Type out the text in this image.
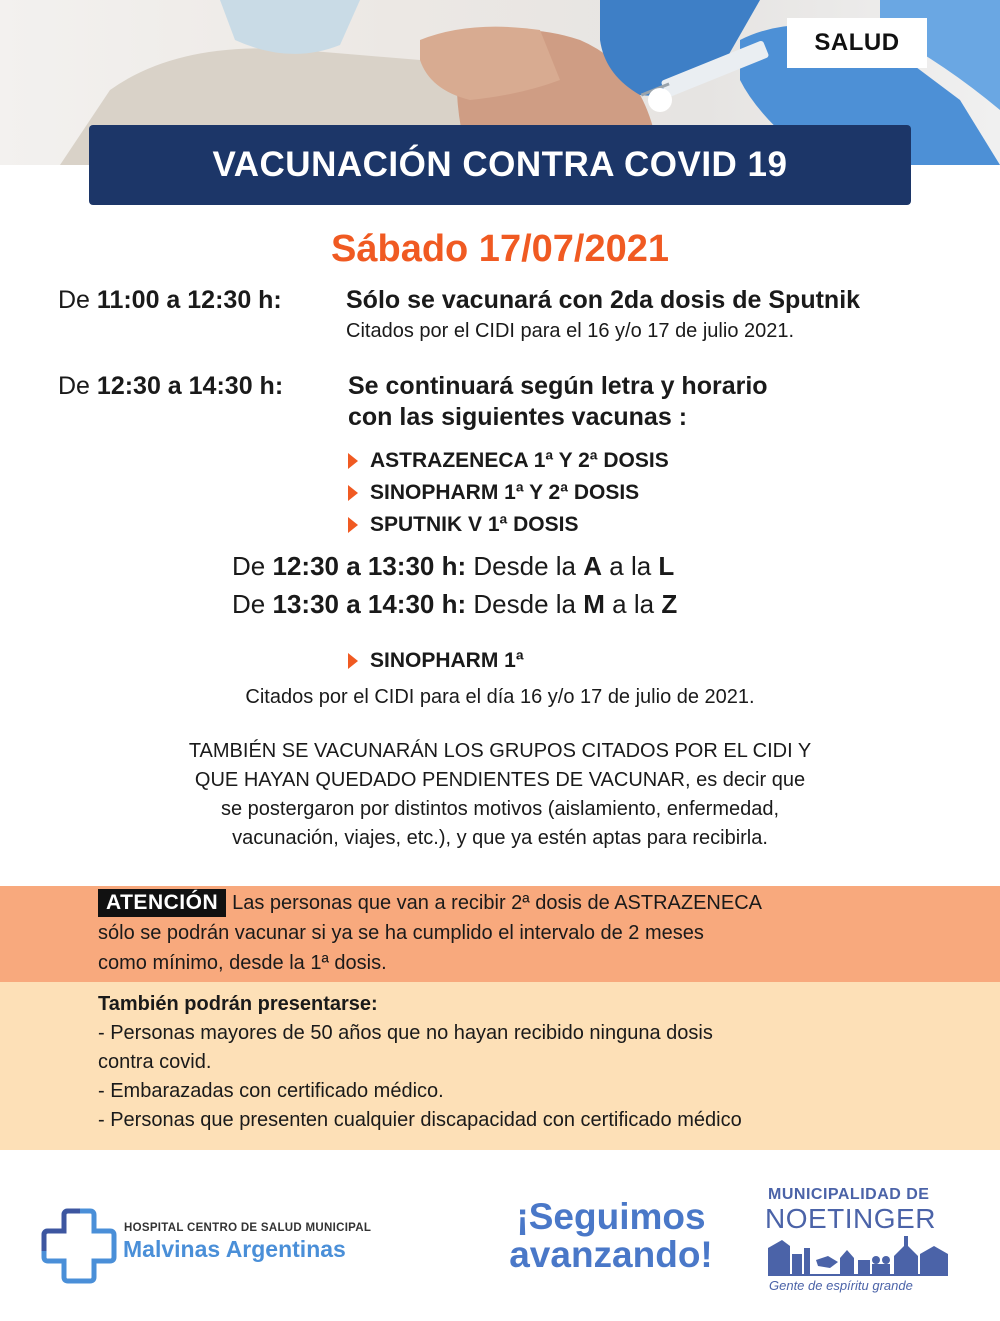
SALUD
VACUNACIÓN CONTRA COVID 19
Sábado 17/07/2021
De 11:00 a 12:30 h:	Sólo se vacunará con 2da dosis de Sputnik
Citados por el CIDI para el 16 y/o 17 de julio 2021.
De 12:30 a 14:30 h:	Se continuará según letra y horario
con las siguientes vacunas :
ASTRAZENECA 1ª Y 2ª DOSIS
SINOPHARM 1ª Y 2ª DOSIS
SPUTNIK V 1ª DOSIS
De 12:30 a 13:30 h: Desde la A a la L
De 13:30 a 14:30 h: Desde la M a la Z
SINOPHARM 1ª
Citados por el CIDI para el día 16 y/o 17 de julio de 2021.
TAMBIÉN SE VACUNARÁN LOS GRUPOS CITADOS POR EL CIDI Y
QUE HAYAN QUEDADO PENDIENTES DE VACUNAR, es decir que
se postergaron por distintos motivos (aislamiento, enfermedad,
vacunación, viajes, etc.), y que ya estén aptas para recibirla.
ATENCIÓN Las personas que van a recibir 2ª dosis de ASTRAZENECA
sólo se podrán vacunar si ya se ha cumplido el intervalo de 2 meses
como mínimo, desde la 1ª dosis.
También podrán presentarse:
- Personas mayores de 50 años que no hayan recibido ninguna dosis
contra covid.
- Embarazadas con certificado médico.
- Personas que presenten cualquier discapacidad con certificado médico
HOSPITAL CENTRO DE SALUD MUNICIPAL
Malvinas Argentinas
¡Seguimos
avanzando!
MUNICIPALIDAD DE
NOETINGER
Gente de espíritu grande
